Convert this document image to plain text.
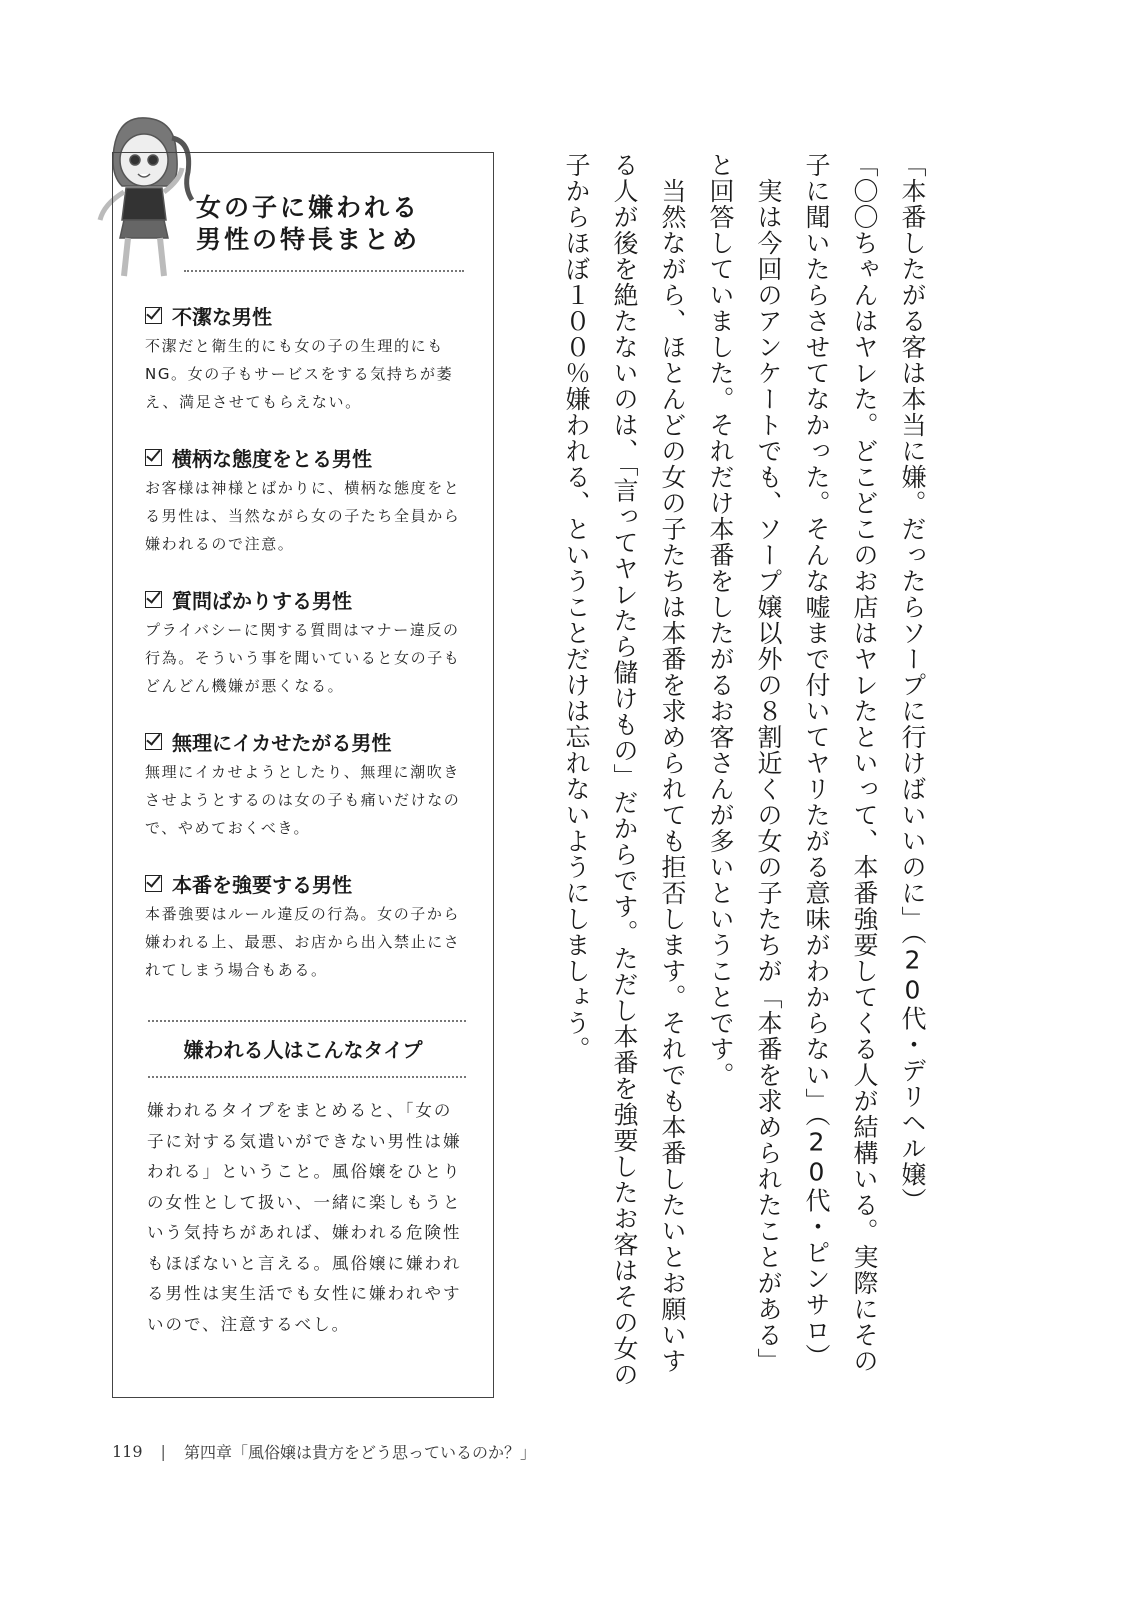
女の子に嫌われる
男性の特長まとめ
不潔な男性
不潔だと衛生的にも女の子の生理的にも NG。女の子もサービスをする気持ちが萎え、満足させてもらえない。
横柄な態度をとる男性
お客様は神様とばかりに、横柄な態度をとる男性は、当然ながら女の子たち全員から嫌われるので注意。
質問ばかりする男性
プライバシーに関する質問はマナー違反の行為。そういう事を聞いていると女の子もどんどん機嫌が悪くなる。
無理にイカせたがる男性
無理にイカせようとしたり、無理に潮吹きさせようとするのは女の子も痛いだけなので、やめておくべき。
本番を強要する男性
本番強要はルール違反の行為。女の子から嫌われる上、最悪、お店から出入禁止にされてしまう場合もある。
嫌われる人はこんなタイプ
嫌われるタイプをまとめると、「女の子に対する気遣いができない男性は嫌われる」ということ。風俗嬢をひとりの女性として扱い、一緒に楽しもうという気持ちがあれば、嫌われる危険性もほぼないと言える。風俗嬢に嫌われる男性は実生活でも女性に嫌われやすいので、注意するべし。

「本番したがる客は本当に嫌。だったらソープに行けばいいのに」（20代・デリヘル嬢）

「〇〇ちゃんはヤレた。どこどこのお店はヤレたといって、本番強要してくる人が結構いる。実際にその子に聞いたらさせてなかった。そんな嘘まで付いてヤリたがる意味がわからない」（20代・ピンサロ）

　実は今回のアンケートでも、ソープ嬢以外の８割近くの女の子たちが「本番を求められたことがある」と回答していました。それだけ本番をしたがるお客さんが多いということです。

　当然ながら、ほとんどの女の子たちは本番を求められても拒否します。それでも本番したいとお願いする人が後を絶たないのは、「言ってヤレたら儲けもの」だからです。ただし本番を強要したお客はその女の子からほぼ１００％嫌われる、ということだけは忘れないようにしましょう。

119 | 第四章「風俗嬢は貴方をどう思っているのか？」
